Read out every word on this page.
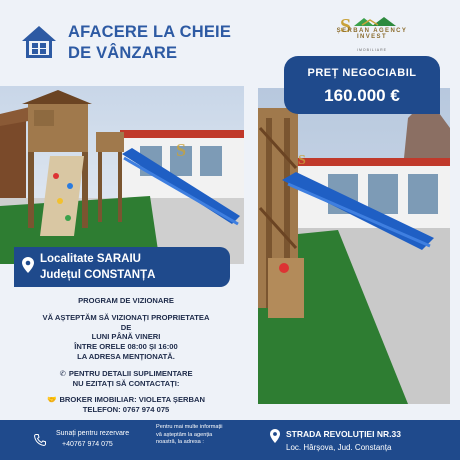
AFACERE LA CHEIE
DE VÂNZARE
S
ȘERBAN AGENCY
INVEST
IMOBILIARE
S
S
PREȚ NEGOCIABIL
160.000 €
Localitate SARAIU
Județul CONSTANȚA
PROGRAM DE VIZIONARE
VĂ AȘTEPTĂM SĂ VIZIONAȚI PROPRIETATEA
DE
LUNI PÂNĂ VINERI
ÎNTRE ORELE 08:00 ȘI 16:00
LA ADRESA MENȚIONATĂ.
✆ PENTRU DETALII SUPLIMENTARE
NU EZITAȚI SĂ CONTACTAȚI:
🤝 BROKER IMOBILIAR: VIOLETA ȘERBAN
TELEFON: 0767 974 075
Sunați pentru rezervare
+40767 974 075
Pentru mai multe informații
vă așteptăm la agenția
noastră, la adresa :
STRADA REVOLUȚIEI NR.33
Loc. Hârșova, Jud. Constanța
